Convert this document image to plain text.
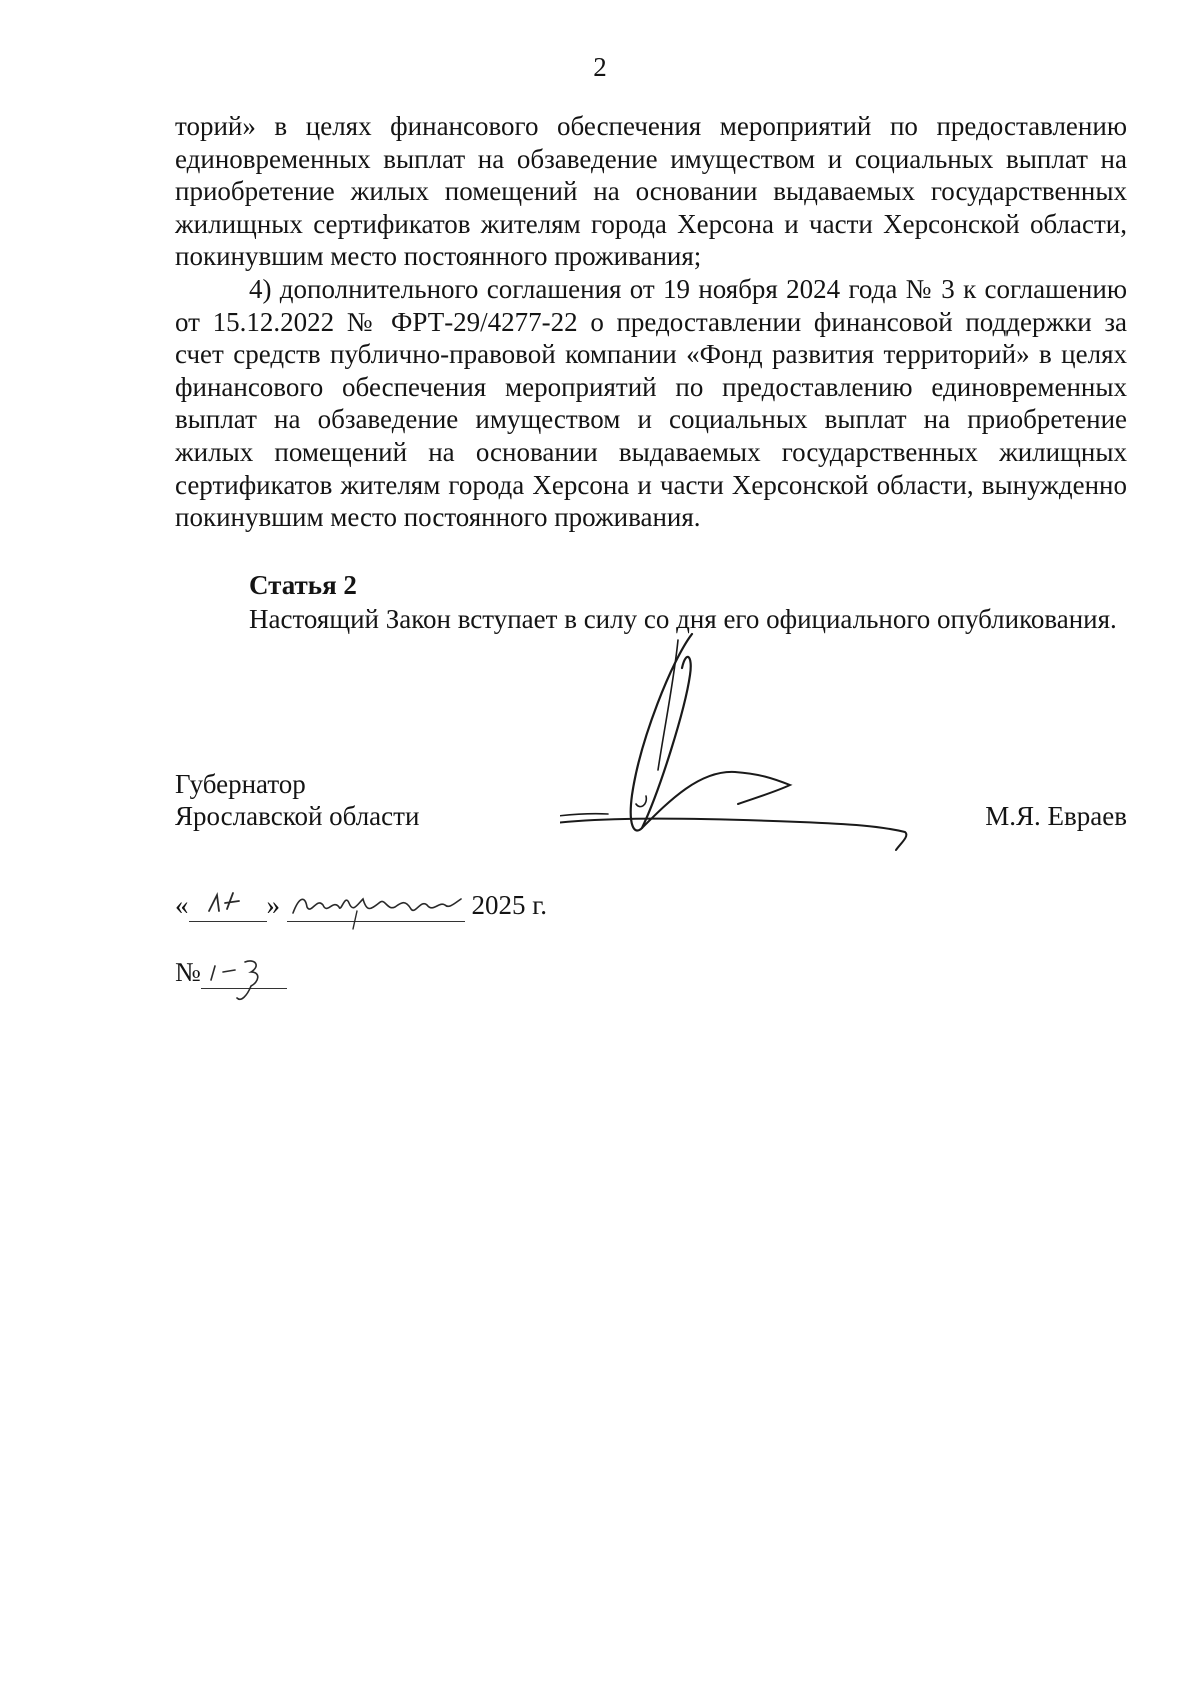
2

торий» в целях финансового обеспечения мероприятий по предоставлению единовременных выплат на обзаведение имуществом и социальных выплат на приобретение жилых помещений на основании выдаваемых государственных жилищных сертификатов жителям города Херсона и части Херсонской области, покинувшим место постоянного проживания;

4) дополнительного соглашения от 19 ноября 2024 года № 3 к соглашению от 15.12.2022 № ФРТ-29/4277-22 о предоставлении финансовой поддержки за счет средств публично-правовой компании «Фонд развития территорий» в целях финансового обеспечения мероприятий по предоставлению единовременных выплат на обзаведение имуществом и социальных выплат на приобретение жилых помещений на основании выдаваемых государственных жилищных сертификатов жителям города Херсона и части Херсонской области, вынужденно покинувшим место постоянного проживания.

Статья 2

Настоящий Закон вступает в силу со дня его официального опубликования.

Губернатор
Ярославской области	М.Я. Евраев
«	»	2025 г.
№
